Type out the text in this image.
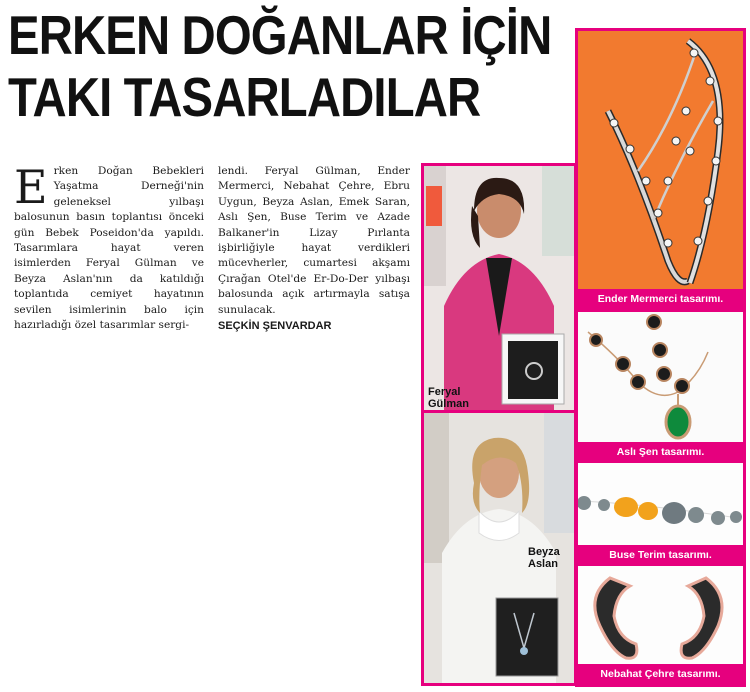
ERKEN DOĞANLAR İÇİN
TAKI TASARLADILAR
E rken Doğan Bebekleri Yaşatma Derneği'nin geleneksel yılbaşı balosunun basın toplantısı önceki gün Bebek Poseidon'da yapıldı. Tasarımlara hayat veren isimlerden Feryal Gülman ve Beyza Aslan'nın da katıldığı toplantıda cemiyet hayatının sevilen isimlerinin balo için hazırladığı özel tasarımlar sergi-
lendi. Feryal Gülman, Ender Mermerci, Nebahat Çehre, Ebru Uygun, Beyza Aslan, Emek Saran, Aslı Şen, Buse Terim ve Azade Balkaner'in Lizay Pırlanta işbirliğiyle hayat verdikleri mücevherler, cumartesi akşamı Çırağan Otel'de Er-Do-Der yılbaşı balosunda açık artırmayla satışa sunulacak.
SEÇKİN ŞENVARDAR
Feryal
Gülman
Beyza
Aslan
Ender Mermerci tasarımı.
Aslı Şen tasarımı.
Buse Terim tasarımı.
Nebahat Çehre tasarımı.
